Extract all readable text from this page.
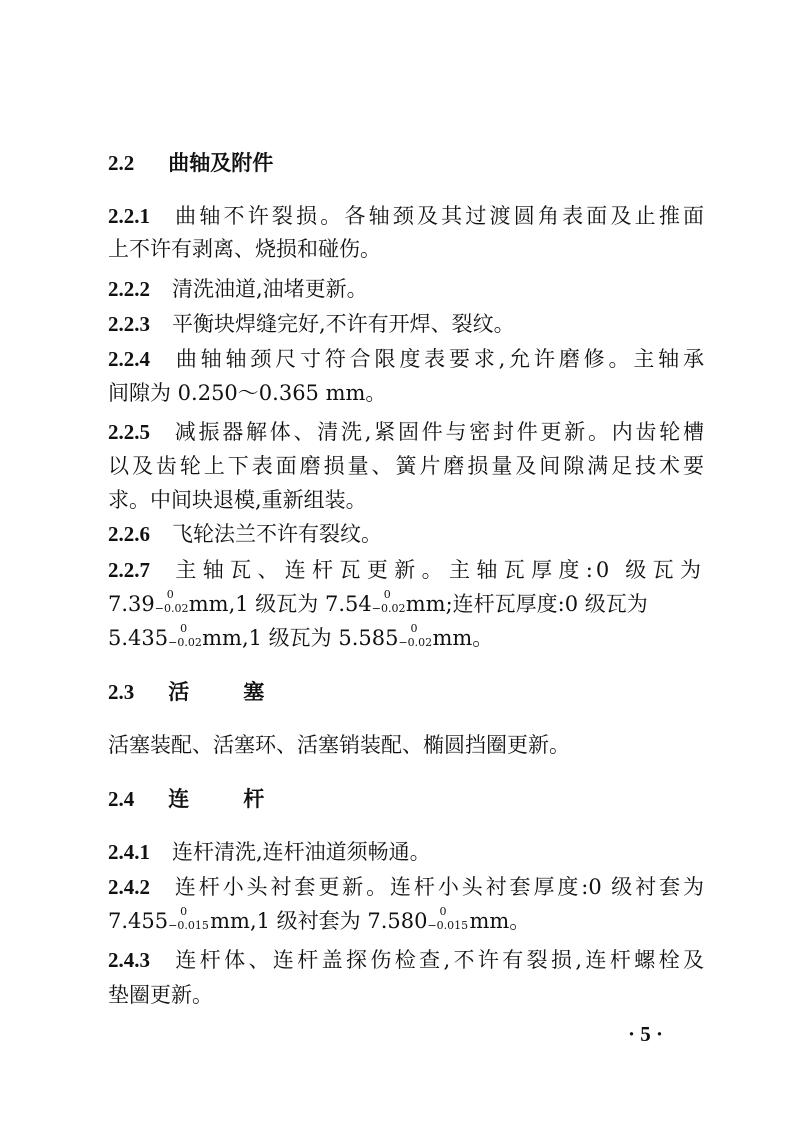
2.2 曲轴及附件
2.2.1 曲轴不许裂损。各轴颈及其过渡圆角表面及止推面
上不许有剥离、烧损和碰伤。
2.2.2 清洗油道,油堵更新。
2.2.3 平衡块焊缝完好,不许有开焊、裂纹。
2.2.4 曲轴轴颈尺寸符合限度表要求,允许磨修。主轴承
间隙为 0.250～0.365 mm。
2.2.5 减振器解体、清洗,紧固件与密封件更新。内齿轮槽
以及齿轮上下表面磨损量、簧片磨损量及间隙满足技术要
求。中间块退模,重新组装。
2.2.6 飞轮法兰不许有裂纹。
2.2.7 主轴瓦、连杆瓦更新。主轴瓦厚度:0 级瓦为
7.39 0
−0.02 mm,1 级瓦为 7.54 0
−0.02 mm;连杆瓦厚度:0 级瓦为
5.435 0
−0.02 mm,1 级瓦为 5.585 0
−0.02 mm。
2.3 活	塞
活塞装配、活塞环、活塞销装配、椭圆挡圈更新。
2.4 连	杆
2.4.1 连杆清洗,连杆油道须畅通。
2.4.2 连杆小头衬套更新。连杆小头衬套厚度:0 级衬套为
7.455 0
−0.015 mm,1 级衬套为 7.580 0
−0.015 mm。
2.4.3 连杆体、连杆盖探伤检查,不许有裂损,连杆螺栓及
垫圈更新。
· 5 ·
